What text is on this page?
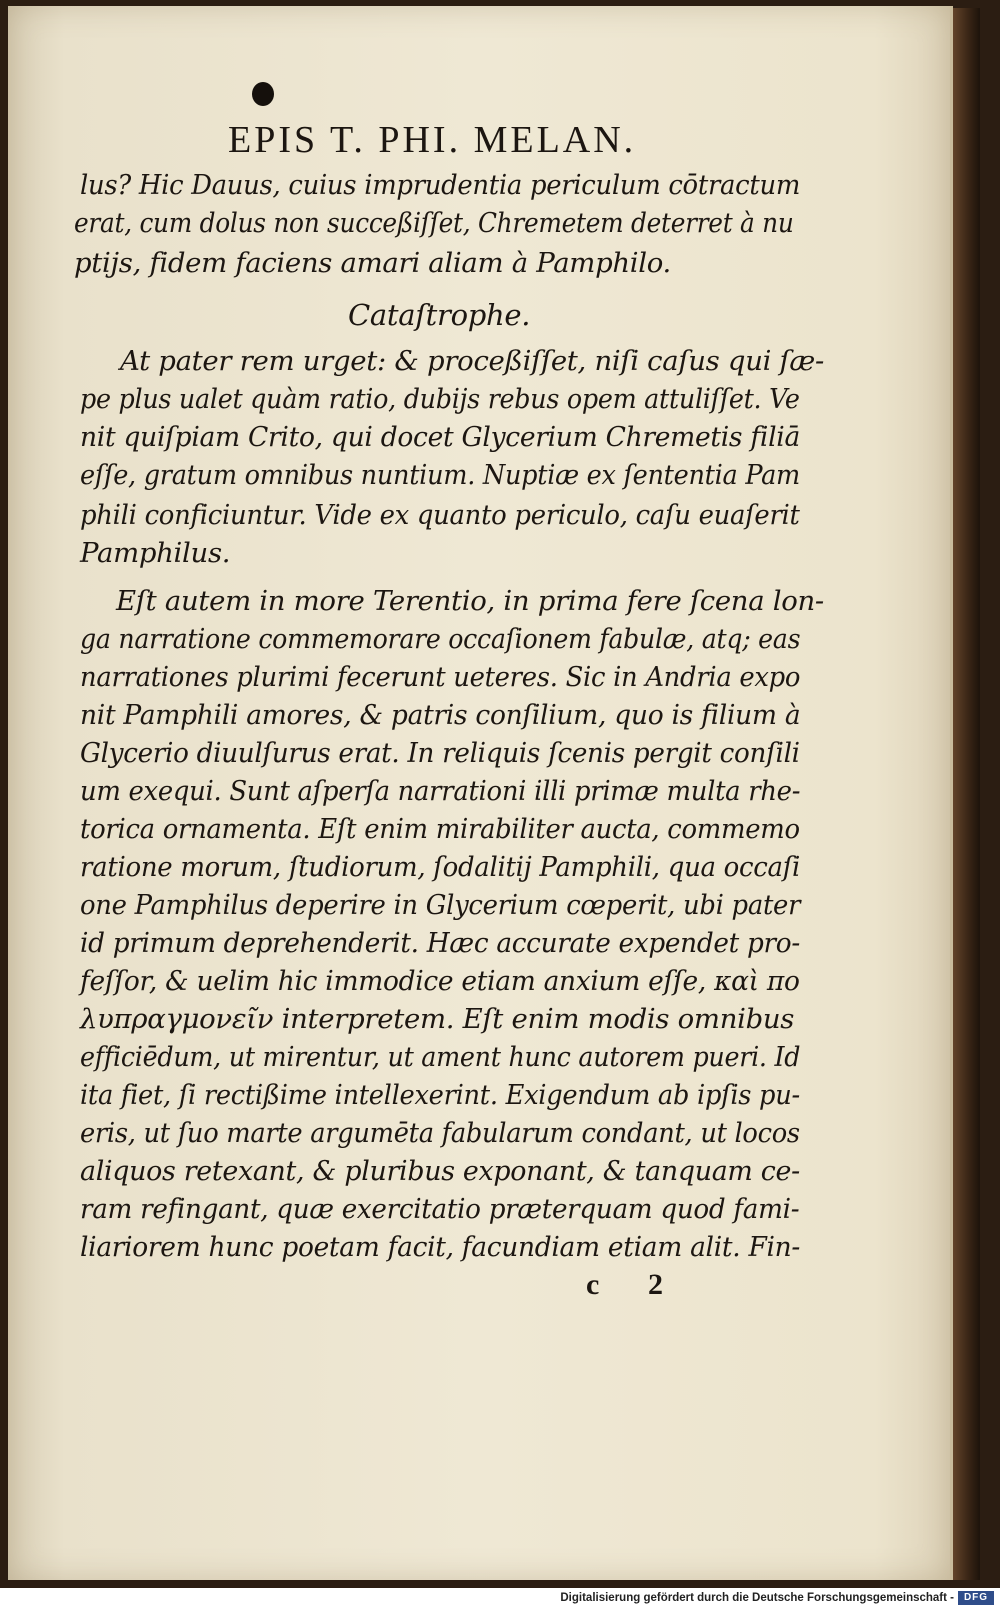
EPIS T. PHI. MELAN.
lus? Hic Dauus, cuius imprudentia periculum cōtractum
erat, cum dolus non succeßiſſet, Chremetem deterret à nu
ptijs, fidem faciens amari aliam à Pamphilo.
Cataſtrophe.
At pater rem urget: & proceßiſſet, niſi caſus qui ſæ-
pe plus ualet quàm ratio, dubijs rebus opem attuliſſet. Ve
nit quiſpiam Crito, qui docet Glycerium Chremetis filiā
eſſe, gratum omnibus nuntium. Nuptiæ ex ſententia Pam
phili conficiuntur. Vide ex quanto periculo, caſu euaſerit
Pamphilus.
Eſt autem in more Terentio, in prima fere ſcena lon-
ga narratione commemorare occaſionem fabulæ, atq; eas
narrationes plurimi fecerunt ueteres. Sic in Andria expo
nit Pamphili amores, & patris conſilium, quo is filium à
Glycerio diuulſurus erat. In reliquis ſcenis pergit conſili
um exequi. Sunt aſperſa narrationi illi primæ multa rhe-
torica ornamenta. Eſt enim mirabiliter aucta, commemo
ratione morum, ſtudiorum, ſodalitij Pamphili, qua occaſi
one Pamphilus deperire in Glycerium cœperit, ubi pater
id primum deprehenderit. Hæc accurate expendet pro-
feſſor, & uelim hic immodice etiam anxium eſſe, καὶ πο
λυπραγμονεῖν interpretem. Eſt enim modis omnibus
efficiēdum, ut mirentur, ut ament hunc autorem pueri. Id
ita fiet, ſi rectißime intellexerint. Exigendum ab ipſis pu-
eris, ut ſuo marte argumēta fabularum condant, ut locos
aliquos retexant, & pluribus exponant, & tanquam ce-
ram refingant, quæ exercitatio præterquam quod fami-
liariorem hunc poetam facit, facundiam etiam alit. Fin-
c 2
Digitalisierung gefördert durch die Deutsche Forschungsgemeinschaft - DFG
